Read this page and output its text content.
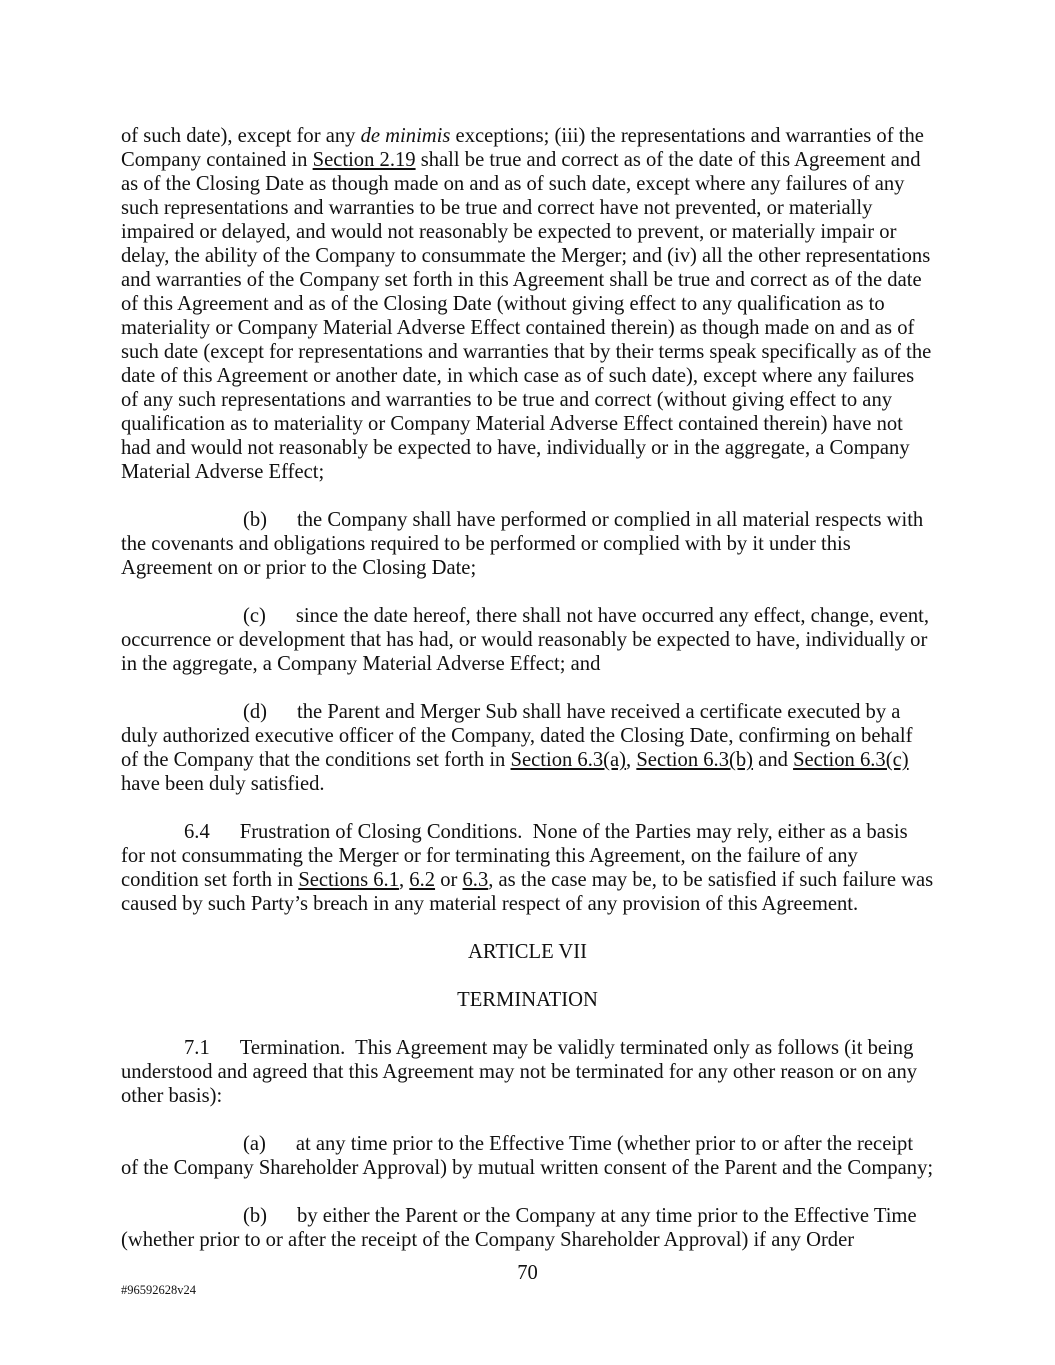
of such date), except for any de minimis exceptions; (iii) the representations and warranties of the Company contained in Section 2.19 shall be true and correct as of the date of this Agreement and as of the Closing Date as though made on and as of such date, except where any failures of any such representations and warranties to be true and correct have not prevented, or materially impaired or delayed, and would not reasonably be expected to prevent, or materially impair or delay, the ability of the Company to consummate the Merger; and (iv) all the other representations and warranties of the Company set forth in this Agreement shall be true and correct as of the date of this Agreement and as of the Closing Date (without giving effect to any qualification as to materiality or Company Material Adverse Effect contained therein) as though made on and as of such date (except for representations and warranties that by their terms speak specifically as of the date of this Agreement or another date, in which case as of such date), except where any failures of any such representations and warranties to be true and correct (without giving effect to any qualification as to materiality or Company Material Adverse Effect contained therein) have not had and would not reasonably be expected to have, individually or in the aggregate, a Company Material Adverse Effect;

(b) the Company shall have performed or complied in all material respects with the covenants and obligations required to be performed or complied with by it under this Agreement on or prior to the Closing Date;

(c) since the date hereof, there shall not have occurred any effect, change, event, occurrence or development that has had, or would reasonably be expected to have, individually or in the aggregate, a Company Material Adverse Effect; and

(d) the Parent and Merger Sub shall have received a certificate executed by a duly authorized executive officer of the Company, dated the Closing Date, confirming on behalf of the Company that the conditions set forth in Section 6.3(a), Section 6.3(b) and Section 6.3(c) have been duly satisfied.

6.4 Frustration of Closing Conditions.  None of the Parties may rely, either as a basis for not consummating the Merger or for terminating this Agreement, on the failure of any condition set forth in Sections 6.1, 6.2 or 6.3, as the case may be, to be satisfied if such failure was caused by such Party’s breach in any material respect of any provision of this Agreement.

ARTICLE VII

TERMINATION

7.1 Termination.  This Agreement may be validly terminated only as follows (it being understood and agreed that this Agreement may not be terminated for any other reason or on any other basis):

(a) at any time prior to the Effective Time (whether prior to or after the receipt of the Company Shareholder Approval) by mutual written consent of the Parent and the Company;

(b) by either the Parent or the Company at any time prior to the Effective Time (whether prior to or after the receipt of the Company Shareholder Approval) if any Order

70
#96592628v24
